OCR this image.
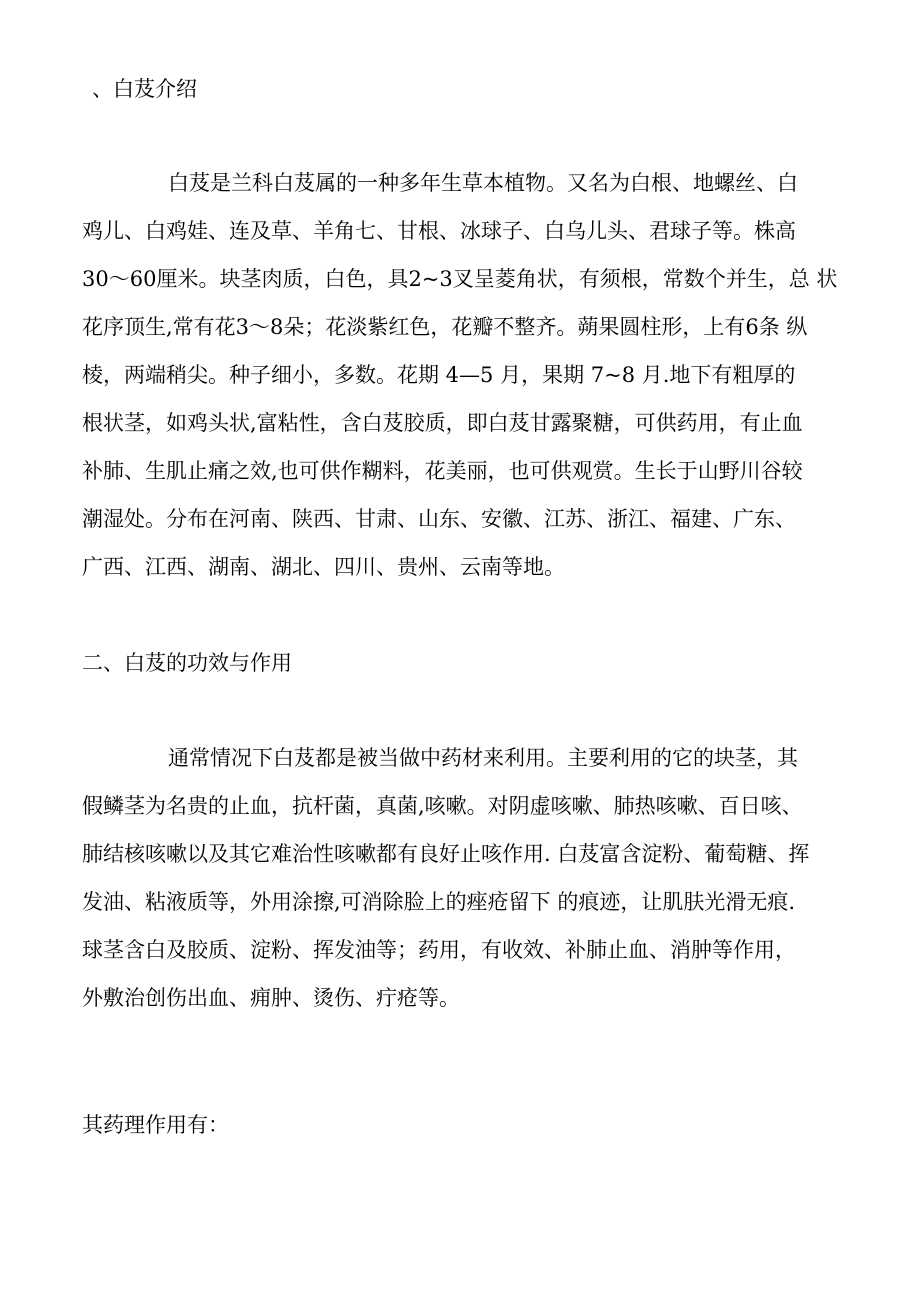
、白芨介绍
白芨是兰科白芨属的一种多年生草本植物。又名为白根、地螺丝、白
鸡儿、白鸡娃、连及草、羊角七、甘根、冰球子、白乌儿头、君球子等。株高
30〜60厘米。块茎肉质，白色，具2~3叉呈菱角状，有须根，常数个并生，总 状
花序顶生,常有花3〜8朵；花淡紫红色，花瓣不整齐。蒴果圆柱形，上有6条 纵
棱，两端稍尖。种子细小，多数。花期 4—5 月，果期 7~8 月.地下有粗厚的
根状茎，如鸡头状,富粘性，含白芨胶质，即白芨甘露聚糖，可供药用，有止血
补肺、生肌止痛之效,也可供作糊料，花美丽，也可供观赏。生长于山野川谷较
潮湿处。分布在河南、陕西、甘肃、山东、安徽、江苏、浙江、福建、广东、
广西、江西、湖南、湖北、四川、贵州、云南等地。
二、白芨的功效与作用
通常情况下白芨都是被当做中药材来利用。主要利用的它的块茎，其
假鳞茎为名贵的止血，抗杆菌，真菌,咳嗽。对阴虚咳嗽、肺热咳嗽、百日咳、
肺结核咳嗽以及其它难治性咳嗽都有良好止咳作用. 白芨富含淀粉、葡萄糖、挥
发油、粘液质等，外用涂擦,可消除脸上的痤疮留下 的痕迹，让肌肤光滑无痕.
球茎含白及胶质、淀粉、挥发油等；药用，有收效、补肺止血、消肿等作用，
外敷治创伤出血、痈肿、烫伤、疔疮等。
其药理作用有：
